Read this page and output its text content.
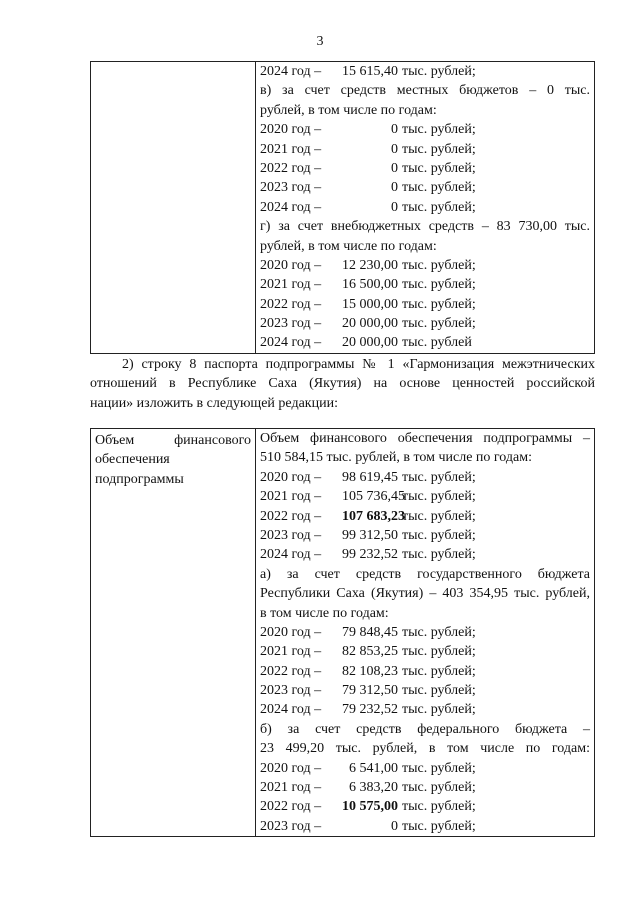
3

2024 год – 15 615,40 тыс. рублей;
в) за счет средств местных бюджетов – 0 тыс.
рублей, в том числе по годам:
2020 год –	0 тыс. рублей;
2021 год –	0 тыс. рублей;
2022 год –	0 тыс. рублей;
2023 год –	0 тыс. рублей;
2024 год –	0 тыс. рублей;
г) за счет внебюджетных средств – 83 730,00 тыс.
рублей, в том числе по годам:
2020 год – 12 230,00 тыс. рублей;
2021 год – 16 500,00 тыс. рублей;
2022 год – 15 000,00 тыс. рублей;
2023 год – 20 000,00 тыс. рублей;
2024 год – 20 000,00 тыс. рублей
2) строку 8 паспорта подпрограммы № 1 «Гармонизация межэтнических
отношений в Республике Саха (Якутия) на основе ценностей российской
нации» изложить в следующей редакции:
Объем финансового
обеспечения
подпрограммы

Объем финансового обеспечения подпрограммы –
510 584,15 тыс. рублей, в том числе по годам:
2020 год – 98 619,45 тыс. рублей;
2021 год – 105 736,45тыс. рублей;
2022 год – 107 683,23тыс. рублей;
2023 год – 99 312,50 тыс. рублей;
2024 год – 99 232,52 тыс. рублей;
а) за счет средств государственного бюджета
Республики Саха (Якутия) – 403 354,95 тыс. рублей,
в том числе по годам:
2020 год – 79 848,45 тыс. рублей;
2021 год – 82 853,25 тыс. рублей;
2022 год – 82 108,23 тыс. рублей;
2023 год – 79 312,50 тыс. рублей;
2024 год – 79 232,52 тыс. рублей;
б) за счет средств федерального бюджета –
23 499,20 тыс. рублей, в том числе по годам:
2020 год – 6 541,00 тыс. рублей;
2021 год – 6 383,20 тыс. рублей;
2022 год – 10 575,00 тыс. рублей;
2023 год –	0 тыс. рублей;
